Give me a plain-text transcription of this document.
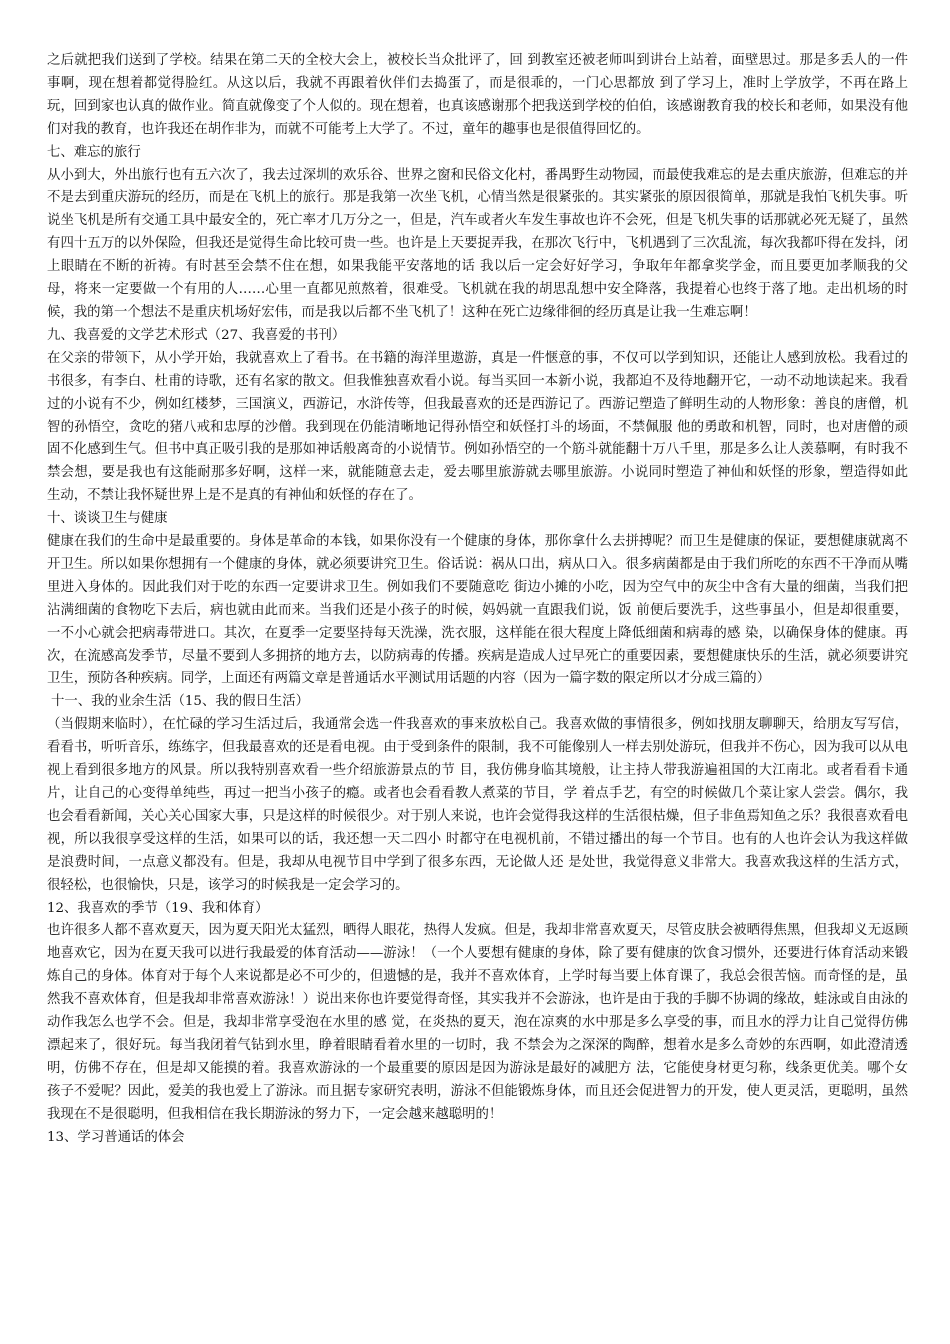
之后就把我们送到了学校。结果在第二天的全校大会上，被校长当众批评了，回 到教室还被老师叫到讲台上站着，面壁思过。那是多丢人的一件事啊，现在想着都觉得脸红。从这以后，我就不再跟着伙伴们去捣蛋了，而是很乖的，一门心思都放 到了学习上，准时上学放学，不再在路上玩，回到家也认真的做作业。简直就像变了个人似的。现在想着，也真该感谢那个把我送到学校的伯伯，该感谢教育我的校长和老师，如果没有他们对我的教育，也许我还在胡作非为，而就不可能考上大学了。不过，童年的趣事也是很值得回忆的。

七、难忘的旅行

从小到大，外出旅行也有五六次了，我去过深圳的欢乐谷、世界之窗和民俗文化村，番禺野生动物园，而最使我难忘的是去重庆旅游，但难忘的并不是去到重庆游玩的经历，而是在飞机上的旅行。那是我第一次坐飞机，心情当然是很紧张的。其实紧张的原因很简单，那就是我怕飞机失事。听说坐飞机是所有交通工具中最安全的，死亡率才几万分之一，但是，汽车或者火车发生事故也许不会死，但是飞机失事的话那就必死无疑了，虽然有四十五万的以外保险，但我还是觉得生命比较可贵一些。也许是上天要捉弄我，在那次飞行中，飞机遇到了三次乱流，每次我都吓得在发抖，闭上眼睛在不断的祈祷。有时甚至会禁不住在想，如果我能平安落地的话 我以后一定会好好学习，争取年年都拿奖学金，而且要更加孝顺我的父母，将来一定要做一个有用的人……心里一直都见煎熬着，很难受。飞机就在我的胡思乱想中安全降落，我提着心也终于落了地。走出机场的时候，我的第一个想法不是重庆机场好宏伟，而是我以后都不坐飞机了！这种在死亡边缘徘徊的经历真是让我一生难忘啊！

九、我喜爱的文学艺术形式（27、我喜爱的书刊）

在父亲的带领下，从小学开始，我就喜欢上了看书。在书籍的海洋里遨游，真是一件惬意的事，不仅可以学到知识，还能让人感到放松。我看过的书很多，有李白、杜甫的诗歌，还有名家的散文。但我惟独喜欢看小说。每当买回一本新小说，我都迫不及待地翻开它，一动不动地读起来。我看过的小说有不少，例如红楼梦，三国演义，西游记，水浒传等，但我最喜欢的还是西游记了。西游记塑造了鲜明生动的人物形象：善良的唐僧，机智的孙悟空，贪吃的猪八戒和忠厚的沙僧。我到现在仍能清晰地记得孙悟空和妖怪打斗的场面，不禁佩服 他的勇敢和机智，同时，也对唐僧的顽固不化感到生气。但书中真正吸引我的是那如神话般离奇的小说情节。例如孙悟空的一个筋斗就能翻十万八千里，那是多么让人羡慕啊，有时我不禁会想，要是我也有这能耐那多好啊，这样一来，就能随意去走，爱去哪里旅游就去哪里旅游。小说同时塑造了神仙和妖怪的形象，塑造得如此 生动，不禁让我怀疑世界上是不是真的有神仙和妖怪的存在了。

十、谈谈卫生与健康

健康在我们的生命中是最重要的。身体是革命的本钱，如果你没有一个健康的身体，那你拿什么去拼搏呢？而卫生是健康的保证，要想健康就离不开卫生。所以如果你想拥有一个健康的身体，就必须要讲究卫生。俗话说：祸从口出，病从口入。很多病菌都是由于我们所吃的东西不干净而从嘴里进入身体的。因此我们对于吃的东西一定要讲求卫生。例如我们不要随意吃 街边小摊的小吃，因为空气中的灰尘中含有大量的细菌，当我们把沾满细菌的食物吃下去后，病也就由此而来。当我们还是小孩子的时候，妈妈就一直跟我们说，饭 前便后要洗手，这些事虽小，但是却很重要，一不小心就会把病毒带进口。其次，在夏季一定要坚持每天洗澡，洗衣服，这样能在很大程度上降低细菌和病毒的感 染，以确保身体的健康。再次，在流感高发季节，尽量不要到人多拥挤的地方去，以防病毒的传播。疾病是造成人过早死亡的重要因素，要想健康快乐的生活，就必须要讲究卫生，预防各种疾病。同学，上面还有两篇文章是普通话水平测试用话题的内容（因为一篇字数的限定所以才分成三篇的）

十一、我的业余生活（15、我的假日生活）

（当假期来临时），在忙碌的学习生活过后，我通常会选一件我喜欢的事来放松自己。我喜欢做的事情很多，例如找朋友聊聊天，给朋友写写信，看看书，听听音乐，练练字，但我最喜欢的还是看电视。由于受到条件的限制，我不可能像别人一样去别处游玩，但我并不伤心，因为我可以从电视上看到很多地方的风景。所以我特别喜欢看一些介绍旅游景点的节 目，我仿佛身临其境般，让主持人带我游遍祖国的大江南北。或者看看卡通片，让自己的心变得单纯些，再过一把当小孩子的瘾。或者也会看看教人煮菜的节目，学 着点手艺，有空的时候做几个菜让家人尝尝。偶尔，我也会看看新闻，关心关心国家大事，只是这样的时候很少。对于别人来说，也许会觉得我这样的生活很枯燥，但子非鱼焉知鱼之乐？我很喜欢看电视，所以我很享受这样的生活，如果可以的话，我还想一天二四小 时都守在电视机前，不错过播出的每一个节目。也有的人也许会认为我这样做是浪费时间，一点意义都没有。但是，我却从电视节目中学到了很多东西，无论做人还 是处世，我觉得意义非常大。我喜欢我这样的生活方式，很轻松，也很愉快，只是，该学习的时候我是一定会学习的。

12、我喜欢的季节（19、我和体育）

也许很多人都不喜欢夏天，因为夏天阳光太猛烈，晒得人眼花，热得人发疯。但是，我却非常喜欢夏天，尽管皮肤会被晒得焦黑，但我却义无返顾地喜欢它，因为在夏天我可以进行我最爱的体育活动——游泳！（一个人要想有健康的身体，除了要有健康的饮食习惯外，还要进行体育活动来锻炼自己的身体。体育对于每个人来说都是必不可少的，但遗憾的是，我并不喜欢体育，上学时每当要上体育课了，我总会很苦恼。而奇怪的是，虽然我不喜欢体育，但是我却非常喜欢游泳！）说出来你也许要觉得奇怪，其实我并不会游泳，也许是由于我的手脚不协调的缘故，蛙泳或自由泳的动作我怎么也学不会。但是，我却非常享受泡在水里的感 觉，在炎热的夏天，泡在凉爽的水中那是多么享受的事，而且水的浮力让自己觉得仿佛漂起来了，很好玩。每当我闭着气钻到水里，睁着眼睛看着水里的一切时，我 不禁会为之深深的陶醉，想着水是多么奇妙的东西啊，如此澄清透明，仿佛不存在，但是却又能摸的着。我喜欢游泳的一个最重要的原因是因为游泳是最好的减肥方 法，它能使身材更匀称，线条更优美。哪个女孩子不爱呢？因此，爱美的我也爱上了游泳。而且据专家研究表明，游泳不但能锻炼身体，而且还会促进智力的开发，使人更灵活，更聪明，虽然我现在不是很聪明，但我相信在我长期游泳的努力下，一定会越来越聪明的！

13、学习普通话的体会
